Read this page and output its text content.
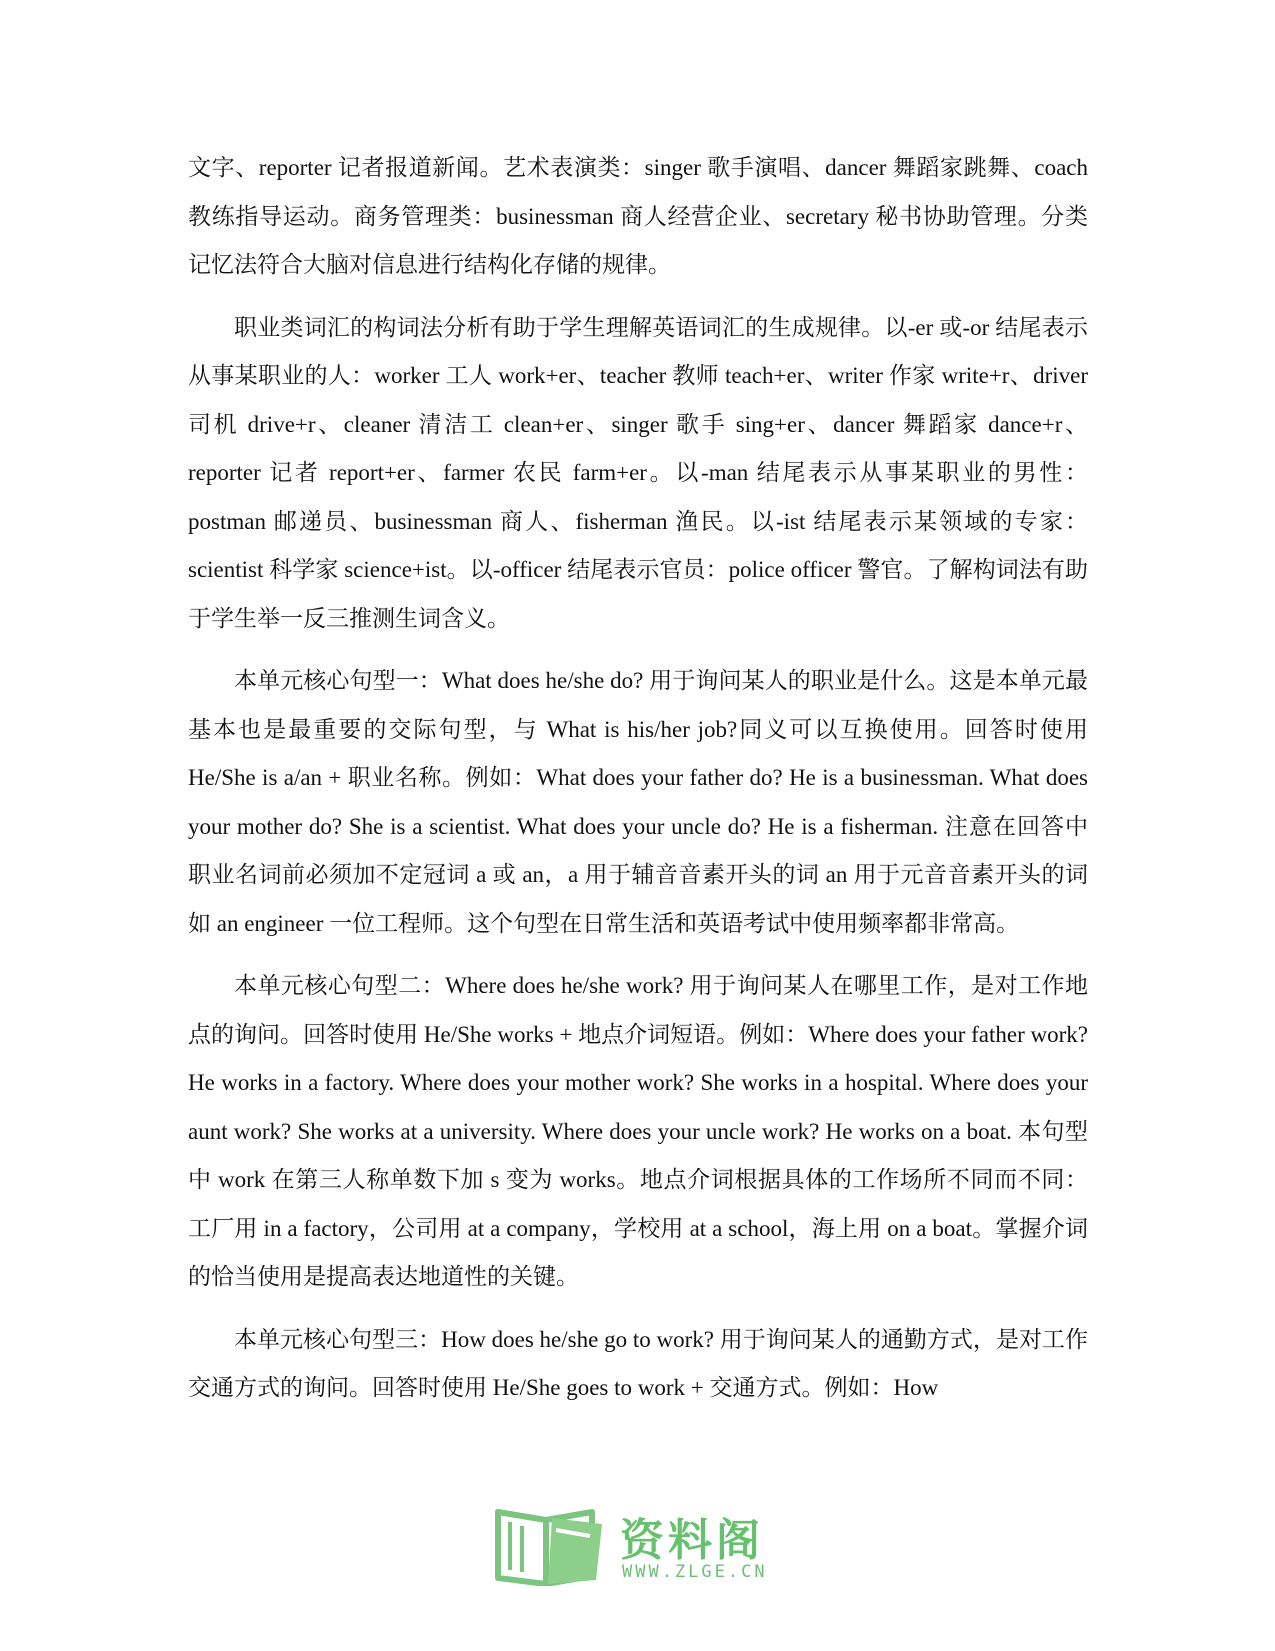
文字、reporter 记者报道新闻。艺术表演类：singer 歌手演唱、dancer 舞蹈家跳舞、coach 教练指导运动。商务管理类：businessman 商人经营企业、secretary 秘书协助管理。分类记忆法符合大脑对信息进行结构化存储的规律。

职业类词汇的构词法分析有助于学生理解英语词汇的生成规律。以-er 或-or 结尾表示从事某职业的人：worker 工人 work+er、teacher 教师 teach+er、writer 作家 write+r、driver 司机 drive+r、cleaner 清洁工 clean+er、singer 歌手 sing+er、dancer 舞蹈家 dance+r、reporter 记者 report+er、farmer 农民 farm+er。以-man 结尾表示从事某职业的男性：postman 邮递员、businessman 商人、fisherman 渔民。以-ist 结尾表示某领域的专家：scientist 科学家 science+ist。以-officer 结尾表示官员：police officer 警官。了解构词法有助于学生举一反三推测生词含义。

本单元核心句型一：What does he/she do? 用于询问某人的职业是什么。这是本单元最基本也是最重要的交际句型，与 What is his/her job?同义可以互换使用。回答时使用 He/She is a/an + 职业名称。例如：What does your father do? He is a businessman. What does your mother do? She is a scientist. What does your uncle do? He is a fisherman. 注意在回答中职业名词前必须加不定冠词 a 或 an，a 用于辅音音素开头的词 an 用于元音音素开头的词如 an engineer 一位工程师。这个句型在日常生活和英语考试中使用频率都非常高。

本单元核心句型二：Where does he/she work? 用于询问某人在哪里工作，是对工作地点的询问。回答时使用 He/She works + 地点介词短语。例如：Where does your father work? He works in a factory. Where does your mother work? She works in a hospital. Where does your aunt work? She works at a university. Where does your uncle work? He works on a boat. 本句型中 work 在第三人称单数下加 s 变为 works。地点介词根据具体的工作场所不同而不同：工厂用 in a factory，公司用 at a company，学校用 at a school，海上用 on a boat。掌握介词的恰当使用是提高表达地道性的关键。

本单元核心句型三：How does he/she go to work? 用于询问某人的通勤方式，是对工作交通方式的询问。回答时使用 He/She goes to work + 交通方式。例如：How

资料阁
WWW.ZLGE.CN
